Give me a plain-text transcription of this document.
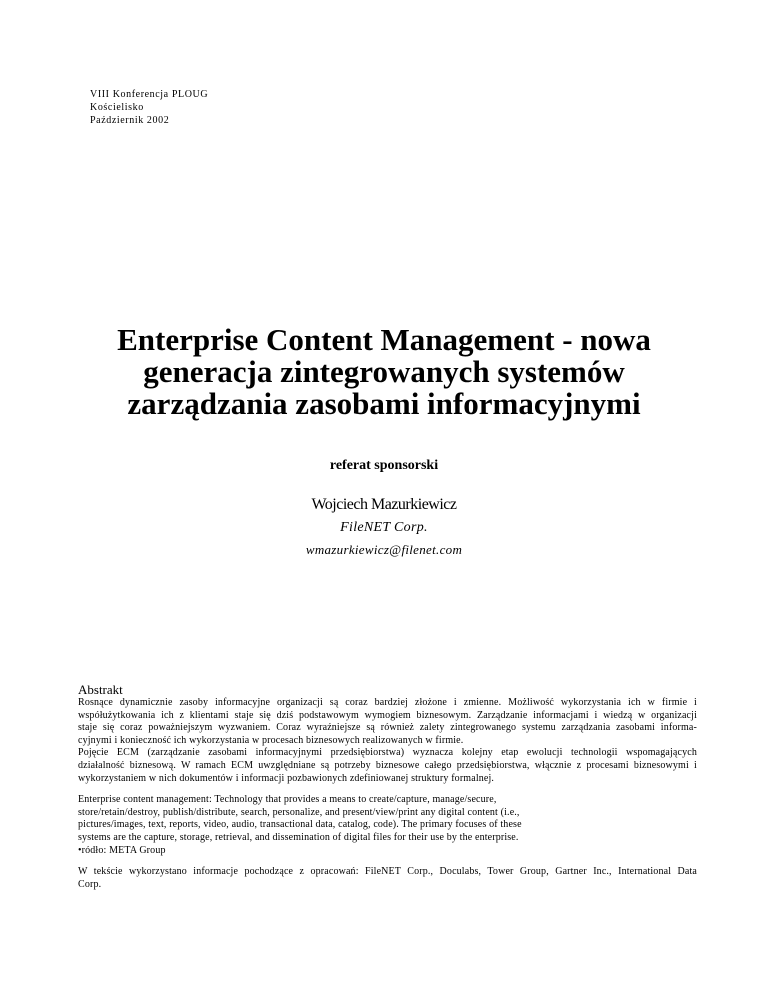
VIII Konferencja PLOUG
Kościelisko
Październik 2002
Enterprise Content Management - nowa
generacja zintegrowanych systemów
zarządzania zasobami informacyjnymi
referat sponsorski
Wojciech Mazurkiewicz
FileNET Corp.
wmazurkiewicz@filenet.com
Abstrakt
Rosnące dynamicznie zasoby informacyjne organizacji są coraz bardziej złożone i zmienne. Możliwość wykorzystania ich w firmie i
współużytkowania ich z klientami staje się dziś podstawowym wymogiem biznesowym. Zarządzanie informacjami i wiedzą w organizacji
staje się coraz poważniejszym wyzwaniem. Coraz wyraźniejsze są również zalety zintegrowanego systemu zarządzania zasobami informa-
cyjnymi i konieczność ich wykorzystania w procesach biznesowych realizowanych w firmie.
Pojęcie ECM (zarządzanie zasobami informacyjnymi przedsiębiorstwa) wyznacza kolejny etap ewolucji technologii wspomagających
działalność biznesową. W ramach ECM uwzględniane są potrzeby biznesowe całego przedsiębiorstwa, włącznie z procesami biznesowymi i
wykorzystaniem w nich dokumentów i informacji pozbawionych zdefiniowanej struktury formalnej.
Enterprise content management: Technology that provides a means to create/capture, manage/secure,
store/retain/destroy, publish/distribute, search, personalize, and present/view/print any digital content (i.e.,
pictures/images, text, reports, video, audio, transactional data, catalog, code). The primary focuses of these
systems are the capture, storage, retrieval, and dissemination of digital files for their use by the enterprise.
•ródło: META Group
W tekście wykorzystano informacje pochodzące z opracowań: FileNET Corp., Doculabs, Tower Group, Gartner Inc., International Data
Corp.
